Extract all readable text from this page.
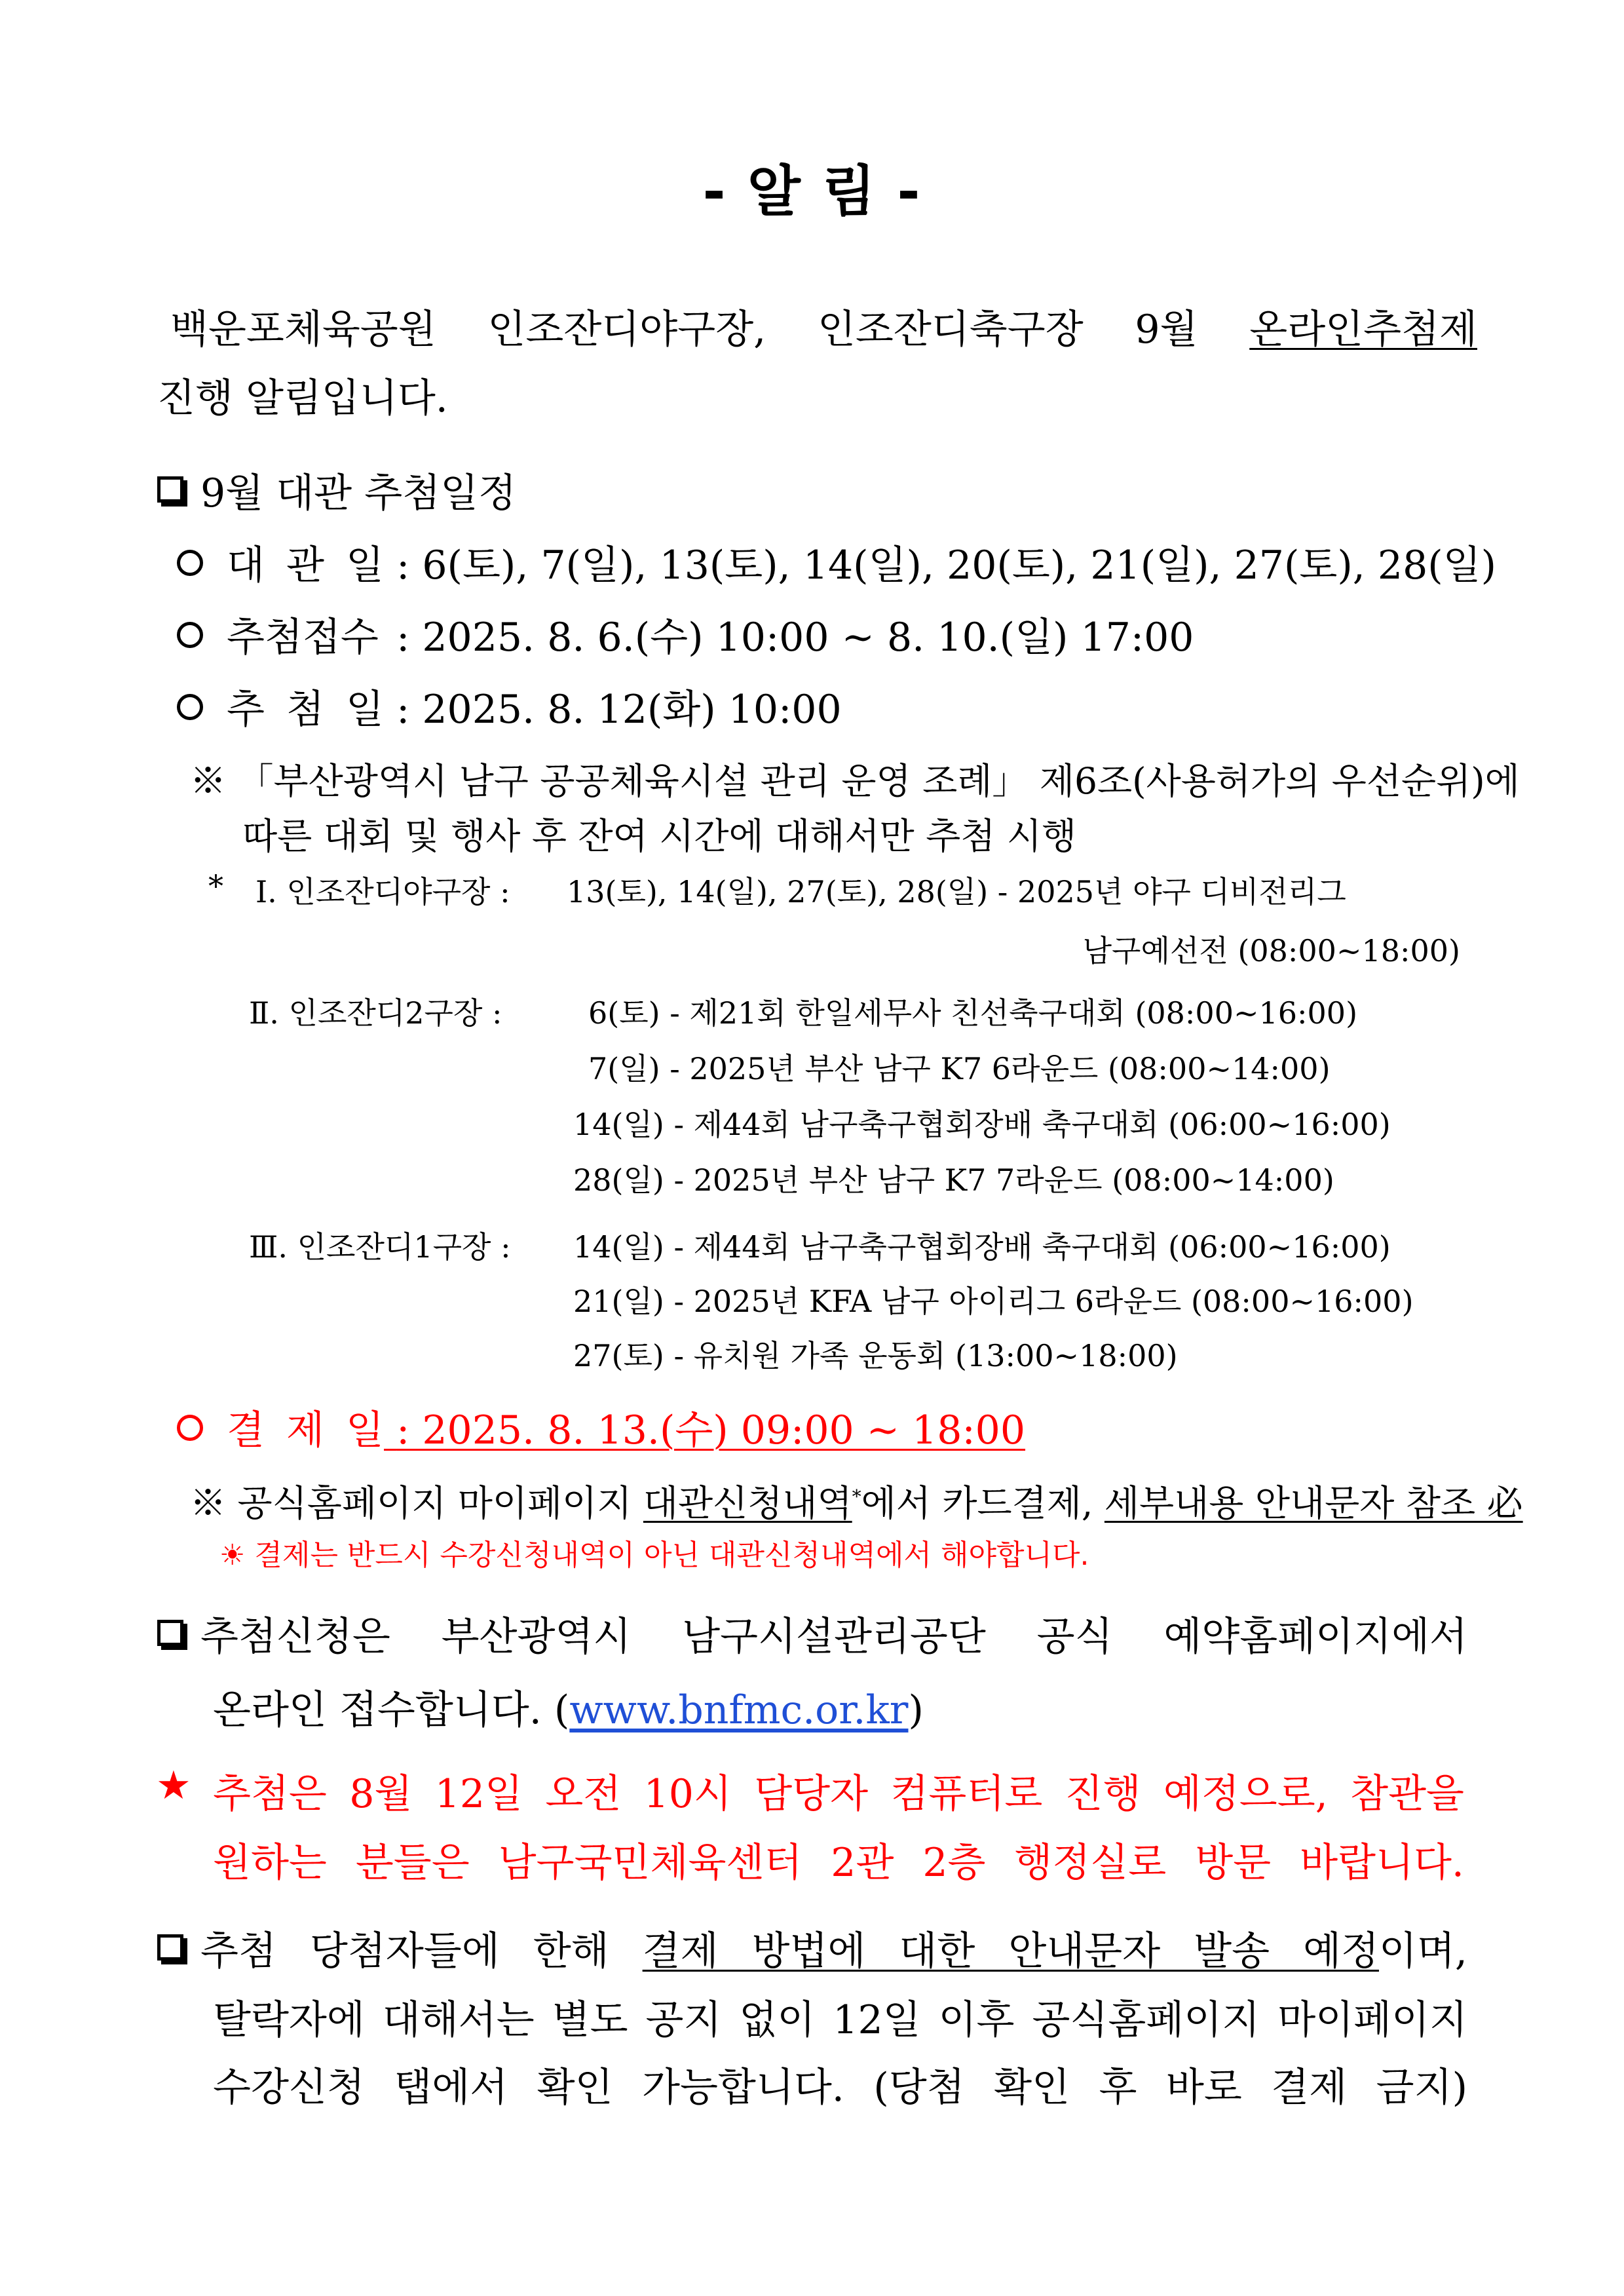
- 알 림 -
백운포체육공원 인조잔디야구장, 인조잔디축구장 9월 온라인추첨제
진행 알림입니다.
9월 대관 추첨일정
대 관 일 : 6(토), 7(일), 13(토), 14(일), 20(토), 21(일), 27(토), 28(일)
추첨접수 : 2025. 8. 6.(수) 10:00 ~ 8. 10.(일) 17:00
추 첨 일 : 2025. 8. 12(화) 10:00
※ 「부산광역시 남구 공공체육시설 관리 운영 조례」 제6조(사용허가의 우선순위)에
따른 대회 및 행사 후 잔여 시간에 대해서만 추첨 시행
* Ⅰ. 인조잔디야구장 : 13(토), 14(일), 27(토), 28(일) - 2025년 야구 디비전리그
남구예선전 (08:00~18:00)
Ⅱ. 인조잔디2구장 :	6(토) - 제21회 한일세무사 친선축구대회 (08:00~16:00)
7(일) - 2025년 부산 남구 K7 6라운드 (08:00~14:00)
14(일) - 제44회 남구축구협회장배 축구대회 (06:00~16:00)
28(일) - 2025년 부산 남구 K7 7라운드 (08:00~14:00)
Ⅲ. 인조잔디1구장 : 14(일) - 제44회 남구축구협회장배 축구대회 (06:00~16:00)
21(일) - 2025년 KFA 남구 아이리그 6라운드 (08:00~16:00)
27(토) - 유치원 가족 운동회 (13:00~18:00)
결 제 일 : 2025. 8. 13.(수) 09:00 ~ 18:00
※ 공식홈페이지 마이페이지 대관신청내역*에서 카드결제, 세부내용 안내문자 참조 必
☀ 결제는 반드시 수강신청내역이 아닌 대관신청내역에서 해야합니다.
추첨신청은 부산광역시 남구시설관리공단 공식 예약홈페이지에서
온라인 접수합니다. (www.bnfmc.or.kr)
★ 추첨은 8월 12일 오전 10시 담당자 컴퓨터로 진행 예정으로, 참관을
원하는 분들은 남구국민체육센터 2관 2층 행정실로 방문 바랍니다.
추첨 당첨자들에 한해 결제 방법에 대한 안내문자 발송 예정이며,
탈락자에 대해서는 별도 공지 없이 12일 이후 공식홈페이지 마이페이지
수강신청 탭에서 확인 가능합니다. (당첨 확인 후 바로 결제 금지)
